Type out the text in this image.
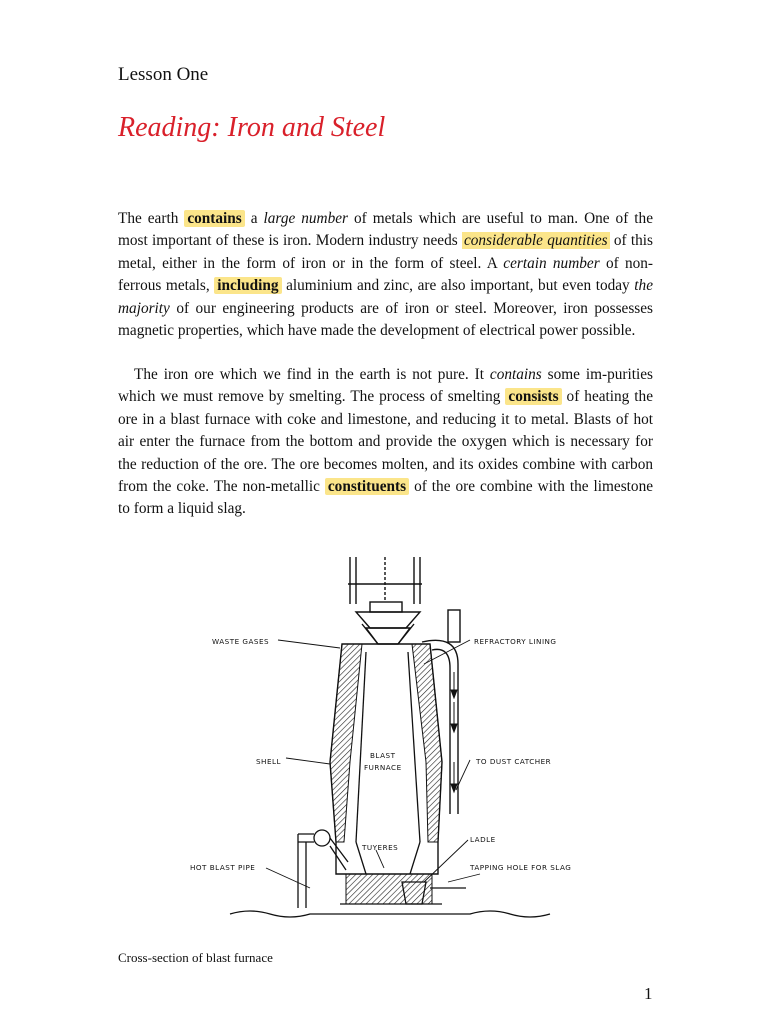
Lesson One
Reading: Iron and Steel

The earth contains a large number of metals which are useful to man. One of the most important of these is iron. Modern industry needs considerable quantities of this metal, either in the form of iron or in the form of steel. A certain number of non-ferrous metals, including aluminium and zinc, are also important, but even today the majority of our engineering products are of iron or steel. Moreover, iron possesses magnetic properties, which have made the development of electrical power possible.

The iron ore which we find in the earth is not pure. It contains some im-purities which we must remove by smelting. The process of smelting consists of heating the ore in a blast furnace with coke and limestone, and reducing it to metal. Blasts of hot air enter the furnace from the bottom and provide the oxygen which is necessary for the reduction of the ore. The ore becomes molten, and its oxides combine with carbon from the coke. The non-metallic constituents of the ore combine with the limestone to form a liquid slag.

WASTE GASES	REFRACTORY LINING
SHELL
BLAST
FURNACE
TO DUST CATCHER
LADLE
TUYERES
HOT BLAST PIPE	TAPPING HOLE FOR SLAG
Cross-section of blast furnace
1
